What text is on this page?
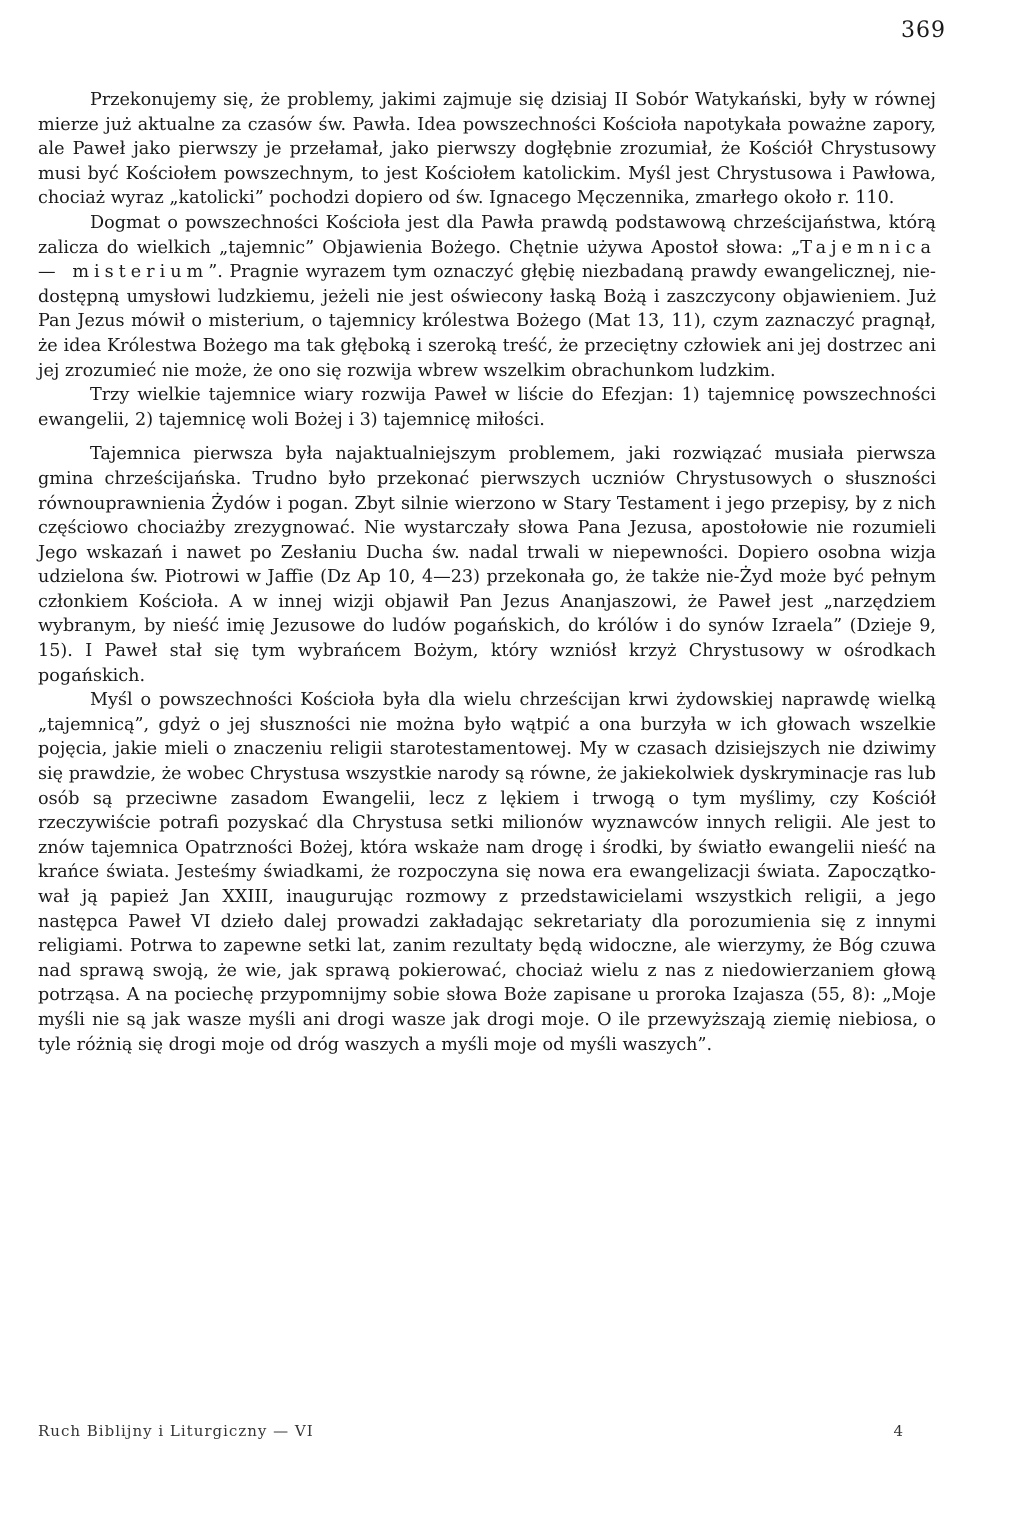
369

Przekonujemy się, że problemy, jakimi zajmuje się dzisiaj II Sobór Watykański, były w równej mierze już aktualne za czasów św. Pawła. Idea powszechności Kościoła napotykała poważne zapory, ale Paweł jako pierwszy je przełamał, jako pierwszy dogłębnie zrozumiał, że Kościół Chrystusowy musi być Kościołem powszechnym, to jest Kościołem katolickim. Myśl jest Chrystusowa i Pawłowa, chociaż wyraz „katolicki” pochodzi dopiero od św. Ignacego Męczennika, zmarłego około r. 110.

Dogmat o powszechności Kościoła jest dla Pawła prawdą podstawową chrześcijaństwa, którą zalicza do wielkich „tajemnic” Objawienia Bożego. Chętnie używa Apostoł słowa: „Tajemnica — misterium”. Pragnie wyrazem tym oznaczyć głębię niezbadaną prawdy ewangelicznej, niedostępną umysłowi ludzkiemu, jeżeli nie jest oświecony łaską Bożą i zaszczycony objawieniem. Już Pan Jezus mówił o misterium, o tajemnicy królestwa Bożego (Mat 13, 11), czym zaznaczyć pragnął, że idea Królestwa Bożego ma tak głęboką i szeroką treść, że przeciętny człowiek ani jej dostrzec ani jej zrozumieć nie może, że ono się rozwija wbrew wszelkim obrachunkom ludzkim.

Trzy wielkie tajemnice wiary rozwija Paweł w liście do Efezjan: 1) tajemnicę powszechności ewangelii, 2) tajemnicę woli Bożej i 3) tajemnicę miłości.

Tajemnica pierwsza była najaktualniejszym problemem, jaki rozwiązać musiała pierwsza gmina chrześcijańska. Trudno było przekonać pierwszych uczniów Chrystusowych o słuszności równouprawnienia Żydów i pogan. Zbyt silnie wierzono w Stary Testament i jego przepisy, by z nich częściowo chociażby zrezygnować. Nie wystarczały słowa Pana Jezusa, apostołowie nie rozumieli Jego wskazań i nawet po Zesłaniu Ducha św. nadal trwali w niepewności. Dopiero osobna wizja udzielona św. Piotrowi w Jaffie (Dz Ap 10, 4—23) przekonała go, że także nie-Żyd może być pełnym członkiem Kościoła. A w innej wizji objawił Pan Jezus Ananjaszowi, że Paweł jest „narzędziem wybranym, by nieść imię Jezusowe do ludów pogańskich, do królów i do synów Izraela” (Dzieje 9, 15). I Paweł stał się tym wybrańcem Bożym, który wzniósł krzyż Chrystusowy w ośrodkach pogańskich.

Myśl o powszechności Kościoła była dla wielu chrześcijan krwi żydowskiej naprawdę wielką „tajemnicą”, gdyż o jej słuszności nie można było wątpić a ona burzyła w ich głowach wszelkie pojęcia, jakie mieli o znaczeniu religii starotestamentowej. My w czasach dzisiejszych nie dziwimy się prawdzie, że wobec Chrystusa wszystkie narody są równe, że jakiekolwiek dyskryminacje ras lub osób są przeciwne zasadom Ewangelii, lecz z lękiem i trwogą o tym myślimy, czy Kościół rzeczywiście potrafi pozyskać dla Chrystusa setki milionów wyznawców innych religii. Ale jest to znów tajemnica Opatrzności Bożej, która wskaże nam drogę i środki, by światło ewangelii nieść na krańce świata. Jesteśmy świadkami, że rozpoczyna się nowa era ewangelizacji świata. Zapoczątkował ją papież Jan XXIII, inaugurując rozmowy z przedstawicielami wszystkich religii, a jego następca Paweł VI dzieło dalej prowadzi zakładając sekretariaty dla porozumienia się z innymi religiami. Potrwa to zapewne setki lat, zanim rezultaty będą widoczne, ale wierzymy, że Bóg czuwa nad sprawą swoją, że wie, jak sprawą pokierować, chociaż wielu z nas z niedowierzaniem głową potrząsa. A na pociechę przypomnijmy sobie słowa Boże zapisane u proroka Izajasza (55, 8): „Moje myśli nie są jak wasze myśli ani drogi wasze jak drogi moje. O ile przewyższają ziemię niebiosa, o tyle różnią się drogi moje od dróg waszych a myśli moje od myśli waszych”.

Ruch Biblijny i Liturgiczny — VI	4
